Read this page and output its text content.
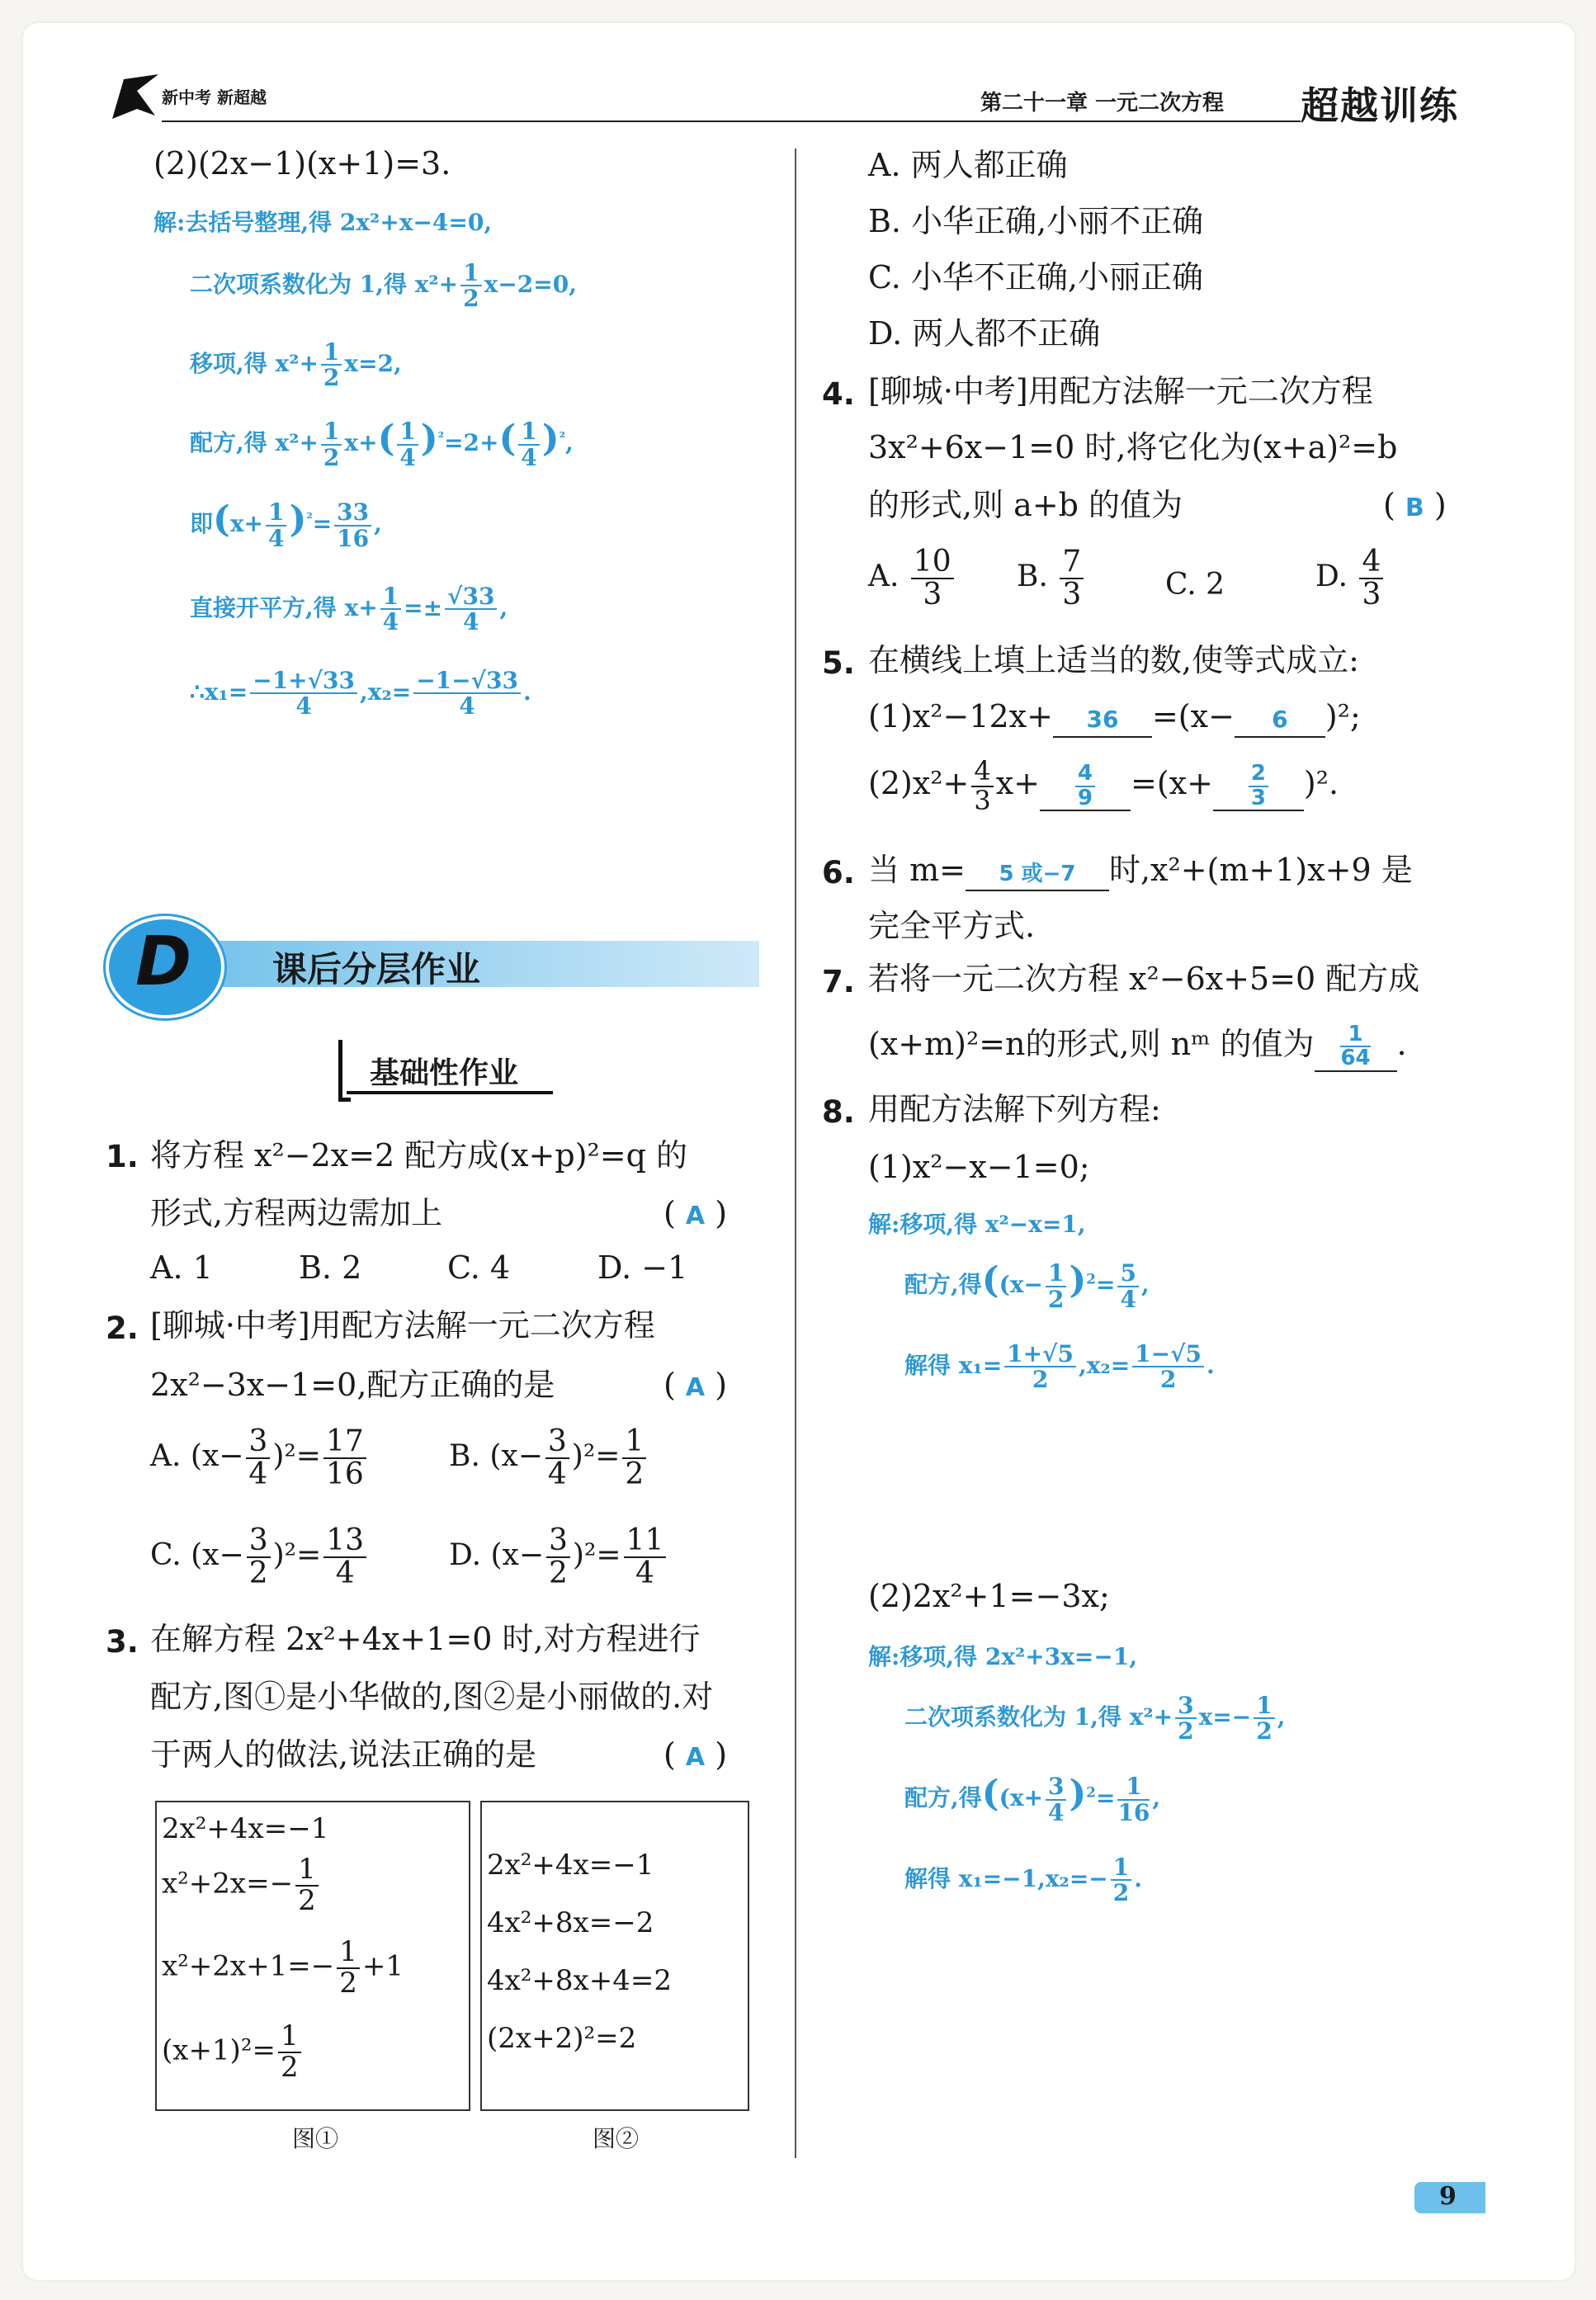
新中考 新超越	第二十一章 一元二次方程 超越训练
(2)(2x−1)(x+1)=3.
解:去括号整理,得 2x²+x−4=0,
二次项系数化为 1,得 $x^2+ \frac{1}{2} x-2=0$,
移项,得 $x^2+ \frac{1}{2} x=2$,
配方,得 $x^2+ \frac{1}{2} x+( \frac{1}{4} )^{^2}=2+( \frac{1}{4} )^{^2}$,
即$(x+ \frac{1}{4} )^{^2}= \frac{33}{16}$ ,
直接开平方,得 $x+ \frac{1}{4} =\pm \frac{√33}{4}$ ,
∴x₁= $\frac{-1+√33}{4} ,x_2= \frac{-1-√33}{4}$ .
D 课后分层作业
基础性作业
1. 将方程 x²−2x=2 配方成(x+p)²=q 的
形式,方程两边需加上	( A )
A. 1	B. 2	C. 4	D. −1
2. [聊城·中考]用配方法解一元二次方程
2x²−3x−1=0,配方正确的是	( A )
A. $(x- \frac{3}{4} )^2= \frac{17}{16}$	B. $(x- \frac{3}{4} )^2= \frac{1}{2}$
C. $(x- \frac{3}{2} )^2= \frac{13}{4}$	D. $(x- \frac{3}{2} )^2= \frac{11}{4}$
3. 在解方程 2x²+4x+1=0 时,对方程进行
配方,图①是小华做的,图②是小丽做的.对
于两人的做法,说法正确的是	( A )
2x²+4x=−1
$x^2+2x=- \frac{1}{2}$
$x^2+2x+1=- \frac{1}{2} +1$
$(x+1)^2= \frac{1}{2}$
2x²+4x=−1
4x²+8x=−2
4x²+8x+4=2
(2x+2)²=2
图①	图②
A. 两人都正确
B. 小华正确,小丽不正确
C. 小华不正确,小丽正确
D. 两人都不正确
4. [聊城·中考]用配方法解一元二次方程
3x²+6x−1=0 时,将它化为(x+a)²=b
的形式,则 a+b 的值为	( B )
A. $\frac{10}{3} B$. $\frac{7}{3}$	C. 2	D. $\frac{4}{3}$
5. 在横线上填上适当的数,使等式成立:
(1)x²−12x+ 36 =(x− 6 )²;
$(2)x^2+ \frac{4}{3} x+ \frac{4}{9} =(x+ \frac{2}{3} )^2$.
6. 当 m= 5 或−7 时,x²+(m+1)x+9 是
完全平方式.
7. 若将一元二次方程 x²−6x+5=0 配方成
(x+m)²=n的形式,则 nᵐ 的值为 $\frac{1}{64}$ .
8. 用配方法解下列方程:
(1)x²−x−1=0;
解:移项,得 x²−x=1,
配方,得($(x- \frac{1}{2} )^2= \frac{5}{4}$ ,
解得 $x_1= \frac{1+√5}{2} ,x_2= \frac{1-√5}{2}$ .
(2)2x²+1=−3x;
解:移项,得 2x²+3x=−1,
二次项系数化为 1,得 $x^2+ \frac{3}{2} x=- \frac{1}{2}$ ,
配方,得($(x+ \frac{3}{4} )^2= \frac{1}{16}$ ,
解得 $x_1=-1,x_2=- \frac{1}{2}$ .
9
